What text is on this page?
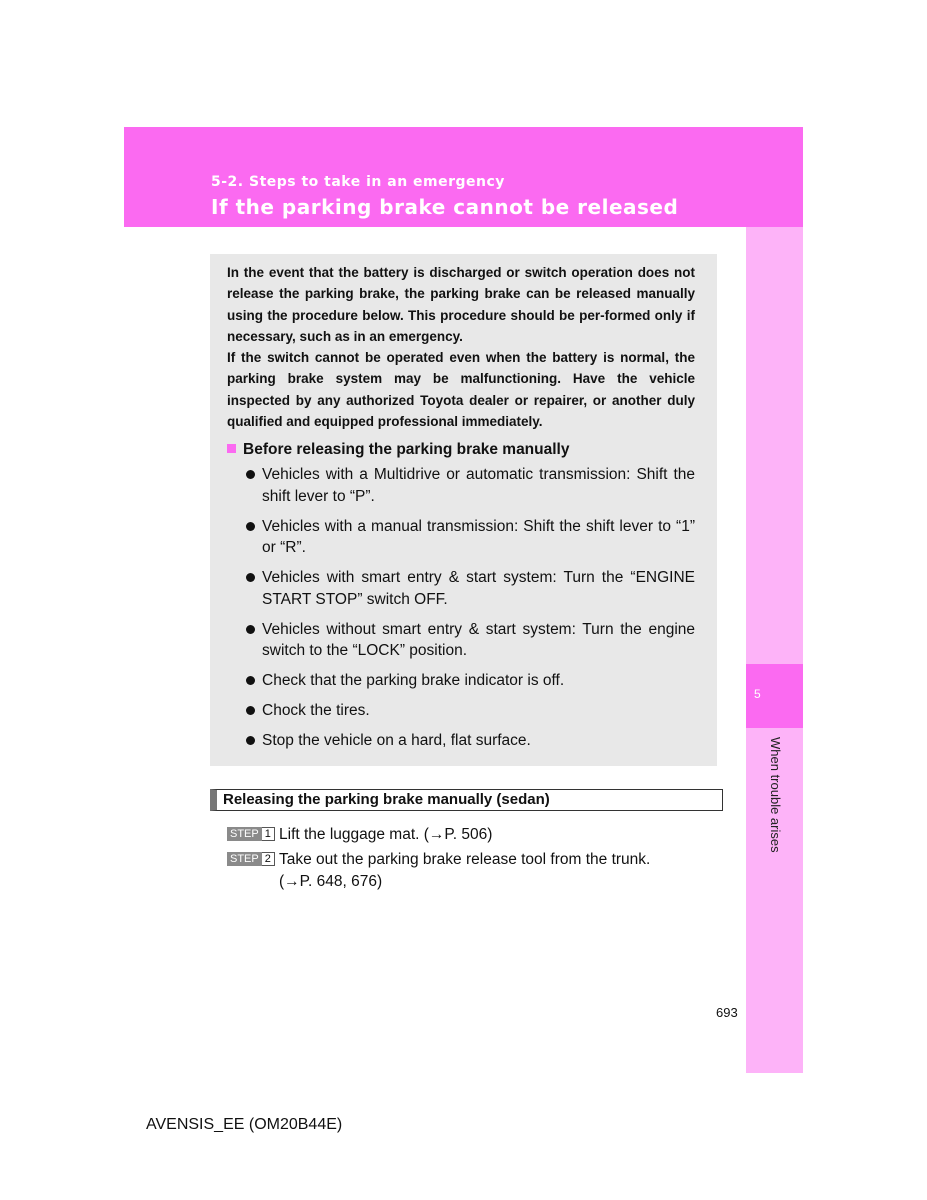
5-2. Steps to take in an emergency
If the parking brake cannot be released
5
When trouble arises

In the event that the battery is discharged or switch operation does not release the parking brake, the parking brake can be released manually using the procedure below. This procedure should be per-formed only if necessary, such as in an emergency.

If the switch cannot be operated even when the battery is normal, the parking brake system may be malfunctioning. Have the vehicle inspected by any authorized Toyota dealer or repairer, or another duly qualified and equipped professional immediately.

Before releasing the parking brake manually
Vehicles with a Multidrive or automatic transmission: Shift the shift lever to “P”.
Vehicles with a manual transmission: Shift the shift lever to “1” or “R”.
Vehicles with smart entry & start system: Turn the “ENGINE START STOP” switch OFF.
Vehicles without smart entry & start system: Turn the engine switch to the “LOCK” position.
Check that the parking brake indicator is off.
Chock the tires.
Stop the vehicle on a hard, flat surface.
Releasing the parking brake manually (sedan)
STEP 1 Lift the luggage mat. (→P. 506)
STEP 2 Take out the parking brake release tool from the trunk. (→P. 648, 676)
693
AVENSIS_EE (OM20B44E)
